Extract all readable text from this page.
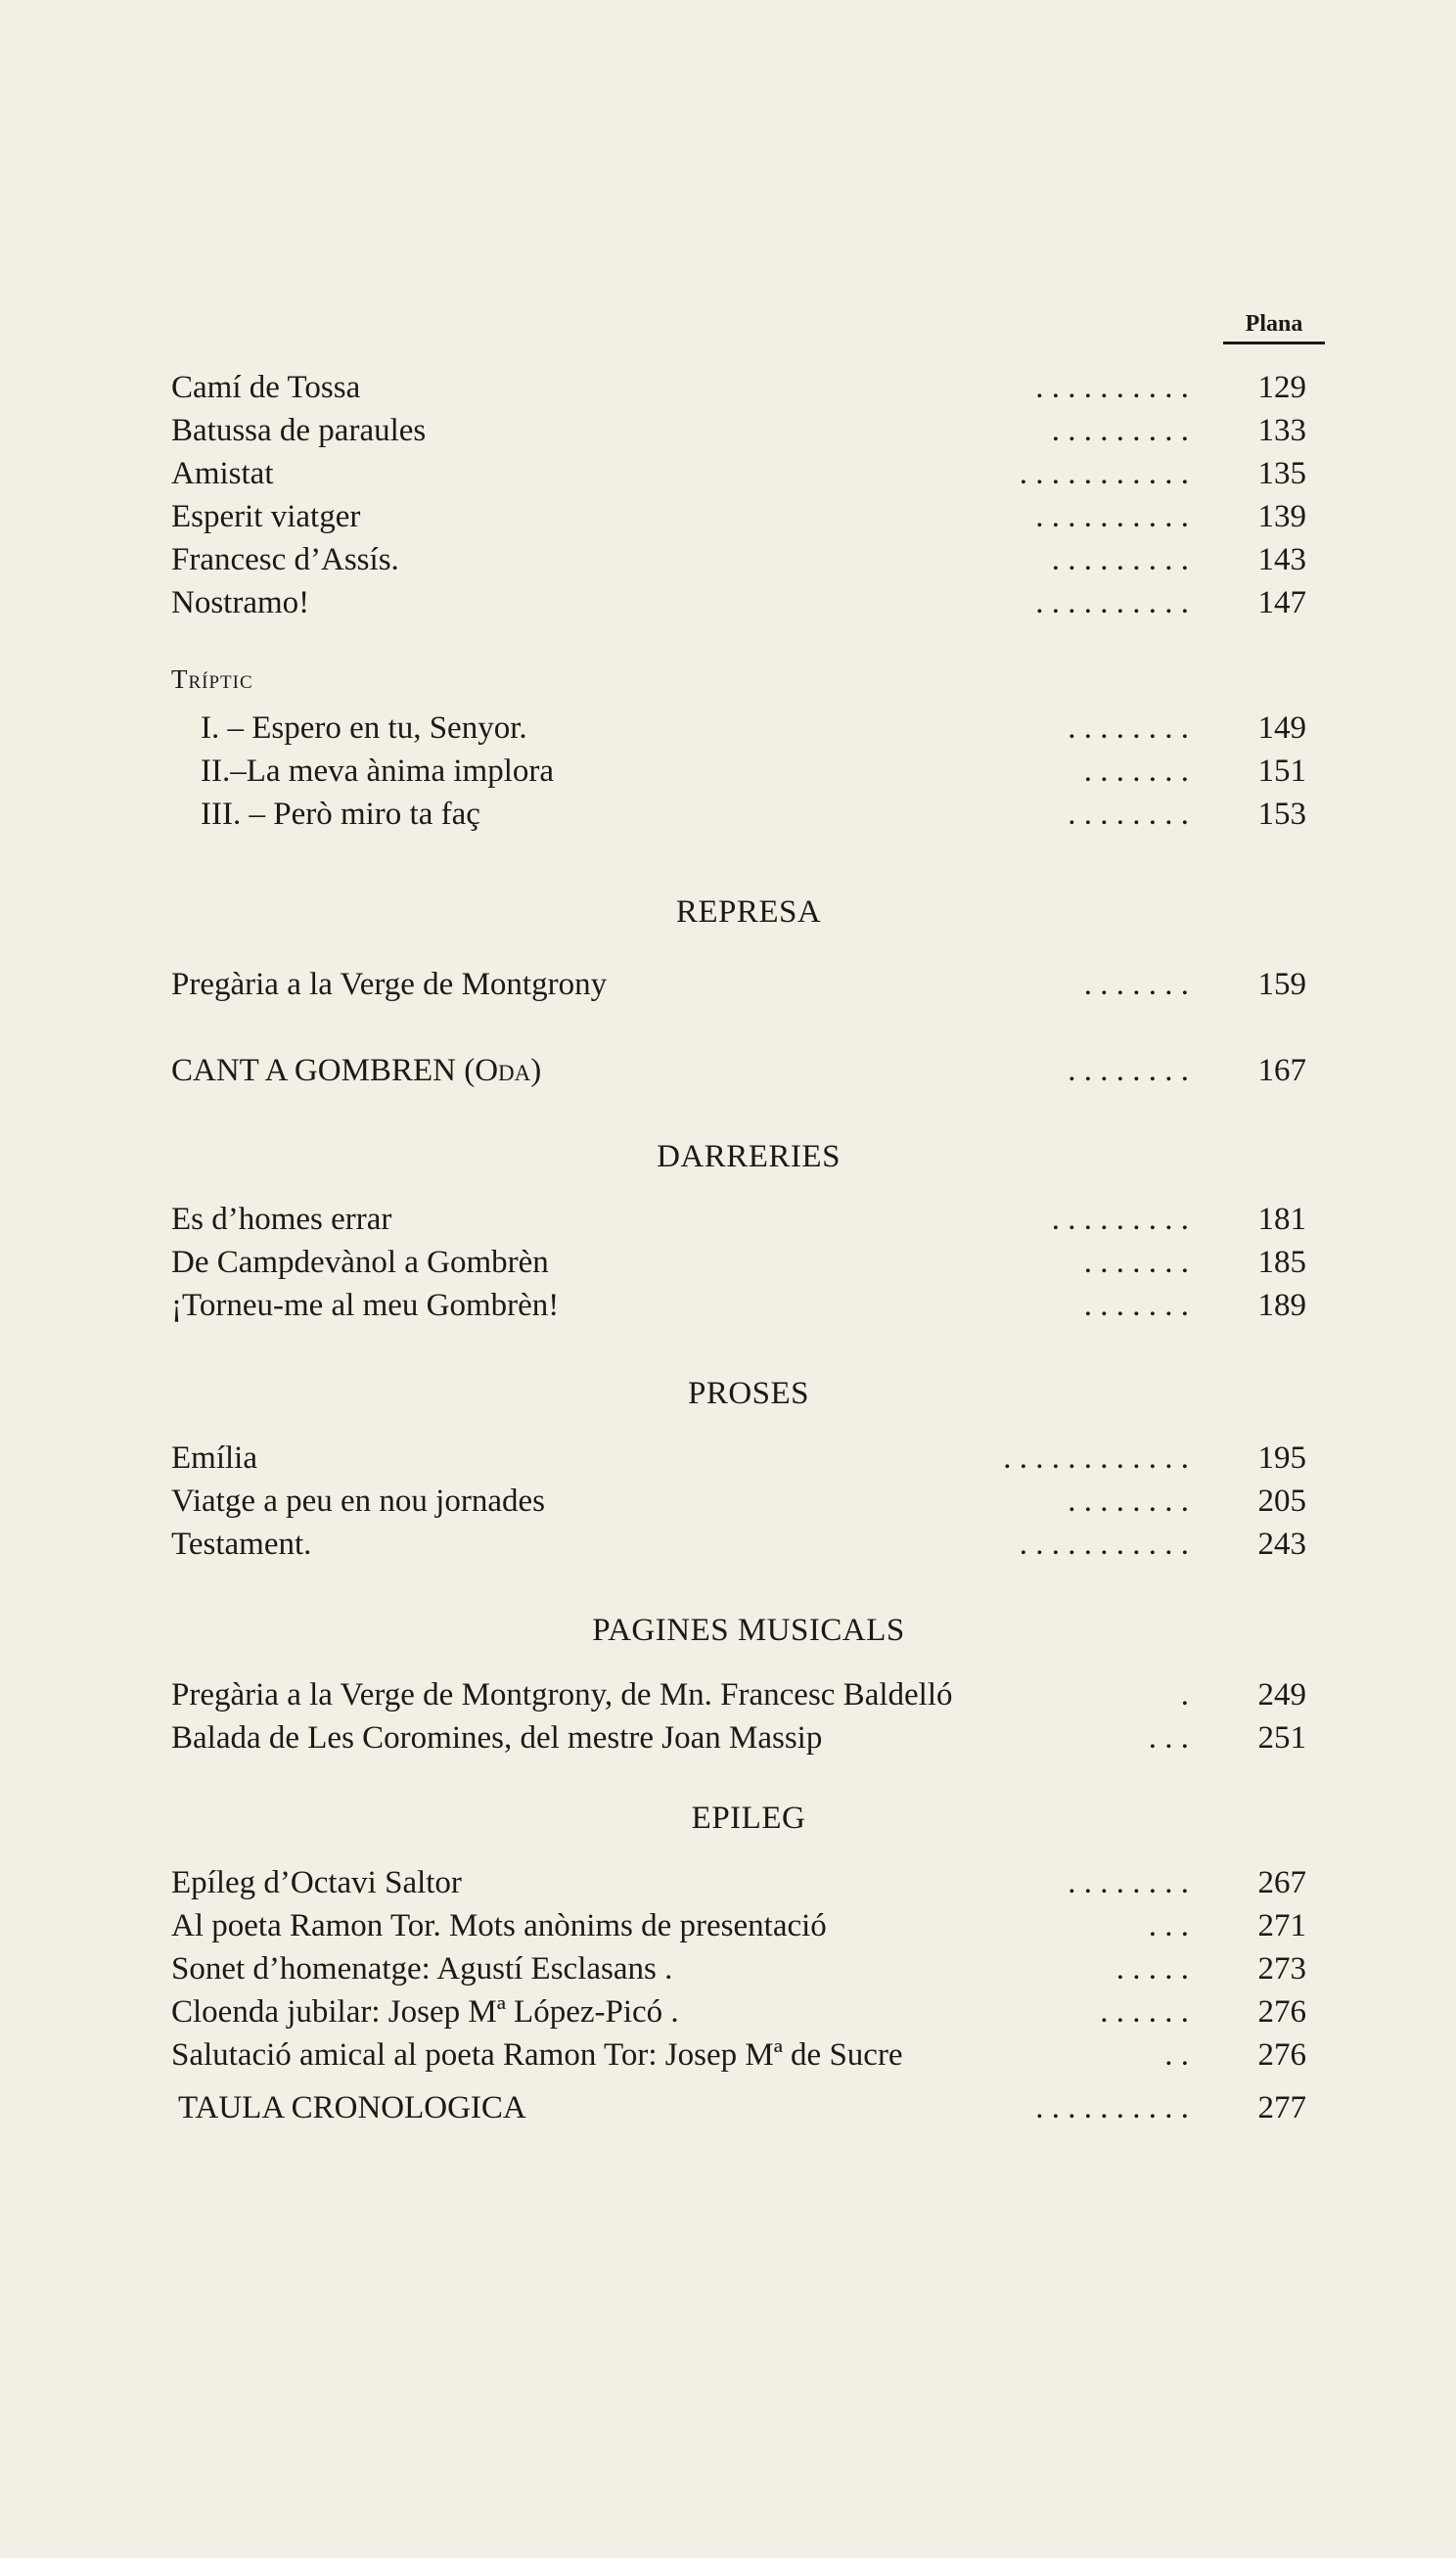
Plana
Camí de Tossa	. . . . . . . . . .	129
Batussa de paraules	. . . . . . . . .	133
Amistat	. . . . . . . . . . .	135
Esperit viatger	. . . . . . . . . .	139
Francesc d’Assís.	. . . . . . . . .	143
Nostramo!	. . . . . . . . . .	147
Tríptic
I. – Espero en tu, Senyor.	. . . . . . . .	149
II.–La meva ànima implora	. . . . . . .	151
III. – Però miro ta faç	. . . . . . . .	153
REPRESA
Pregària a la Verge de Montgrony	. . . . . . .	159
CANT A GOMBREN (Oda)	. . . . . . . .	167
DARRERIES
Es d’homes errar	. . . . . . . . .	181
De Campdevànol a Gombrèn	. . . . . . .	185
¡Torneu-me al meu Gombrèn!	. . . . . . .	189
PROSES
Emília	. . . . . . . . . . . .	195
Viatge a peu en nou jornades	. . . . . . . .	205
Testament.	. . . . . . . . . . .	243
PAGINES MUSICALS
Pregària a la Verge de Montgrony, de Mn. Francesc Baldelló	.	249
Balada de Les Coromines, del mestre Joan Massip	. . .	251
EPILEG
Epíleg d’Octavi Saltor	. . . . . . . .	267
Al poeta Ramon Tor. Mots anònims de presentació	. . .	271
Sonet d’homenatge: Agustí Esclasans .	. . . . .	273
Cloenda jubilar: Josep Mª López-Picó .	. . . . . .	276
Salutació amical al poeta Ramon Tor: Josep Mª de Sucre	. .	276
TAULA CRONOLOGICA	. . . . . . . . . .	277
